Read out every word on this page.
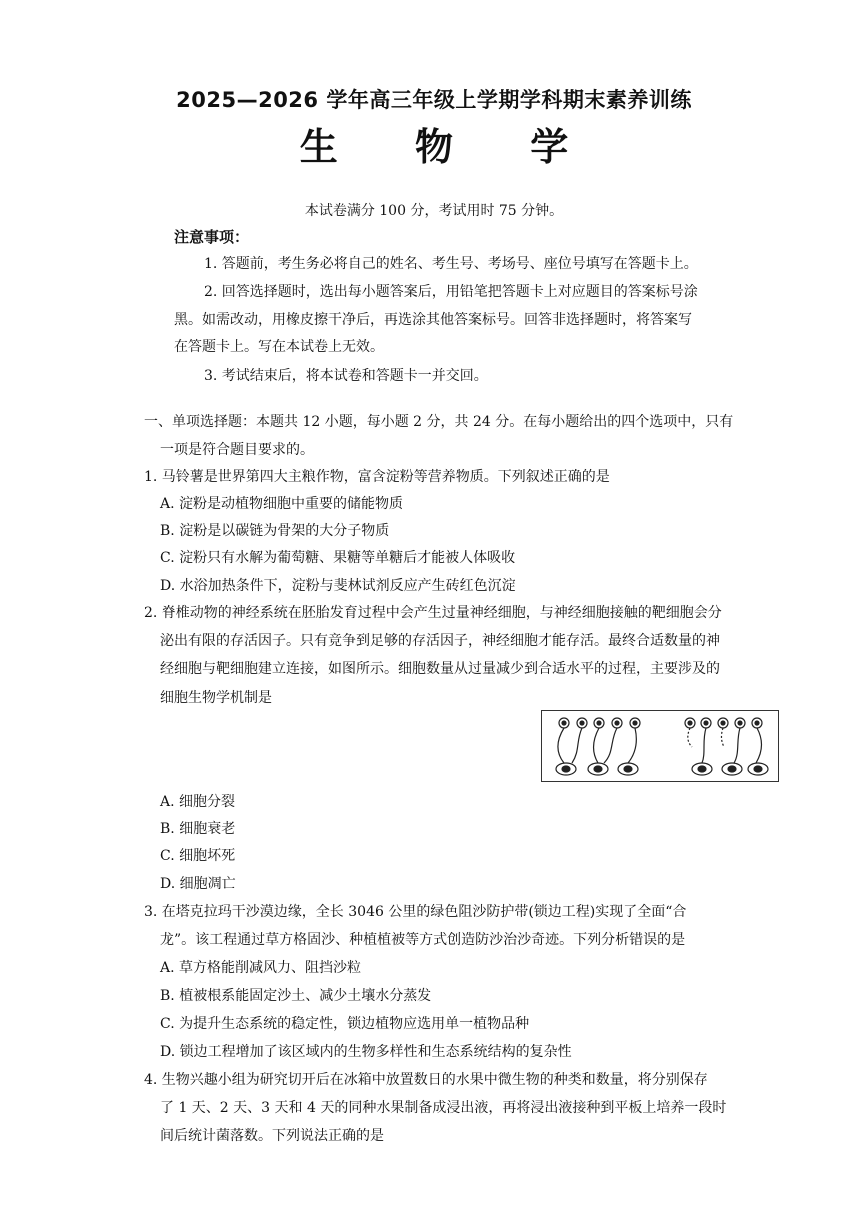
2025—2026 学年高三年级上学期学科期末素养训练
生 物 学
本试卷满分 100 分，考试用时 75 分钟。
注意事项：
1. 答题前，考生务必将自己的姓名、考生号、考场号、座位号填写在答题卡上。
2. 回答选择题时，选出每小题答案后，用铅笔把答题卡上对应题目的答案标号涂
黑。如需改动，用橡皮擦干净后，再选涂其他答案标号。回答非选择题时，将答案写
在答题卡上。写在本试卷上无效。
3. 考试结束后，将本试卷和答题卡一并交回。
一、单项选择题：本题共 12 小题，每小题 2 分，共 24 分。在每小题给出的四个选项中，只有
一项是符合题目要求的。
1. 马铃薯是世界第四大主粮作物，富含淀粉等营养物质。下列叙述正确的是
A. 淀粉是动植物细胞中重要的储能物质
B. 淀粉是以碳链为骨架的大分子物质
C. 淀粉只有水解为葡萄糖、果糖等单糖后才能被人体吸收
D. 水浴加热条件下，淀粉与斐林试剂反应产生砖红色沉淀
2. 脊椎动物的神经系统在胚胎发育过程中会产生过量神经细胞，与神经细胞接触的靶细胞会分
泌出有限的存活因子。只有竞争到足够的存活因子，神经细胞才能存活。最终合适数量的神
经细胞与靶细胞建立连接，如图所示。细胞数量从过量减少到合适水平的过程，主要涉及的
细胞生物学机制是
A. 细胞分裂
B. 细胞衰老
C. 细胞坏死
D. 细胞凋亡
3. 在塔克拉玛干沙漠边缘，全长 3046 公里的绿色阻沙防护带(锁边工程)实现了全面“合
龙”。该工程通过草方格固沙、种植植被等方式创造防沙治沙奇迹。下列分析错误的是
A. 草方格能削减风力、阻挡沙粒
B. 植被根系能固定沙土、减少土壤水分蒸发
C. 为提升生态系统的稳定性，锁边植物应选用单一植物品种
D. 锁边工程增加了该区域内的生物多样性和生态系统结构的复杂性
4. 生物兴趣小组为研究切开后在冰箱中放置数日的水果中微生物的种类和数量，将分别保存
了 1 天、2 天、3 天和 4 天的同种水果制备成浸出液，再将浸出液接种到平板上培养一段时
间后统计菌落数。下列说法正确的是
